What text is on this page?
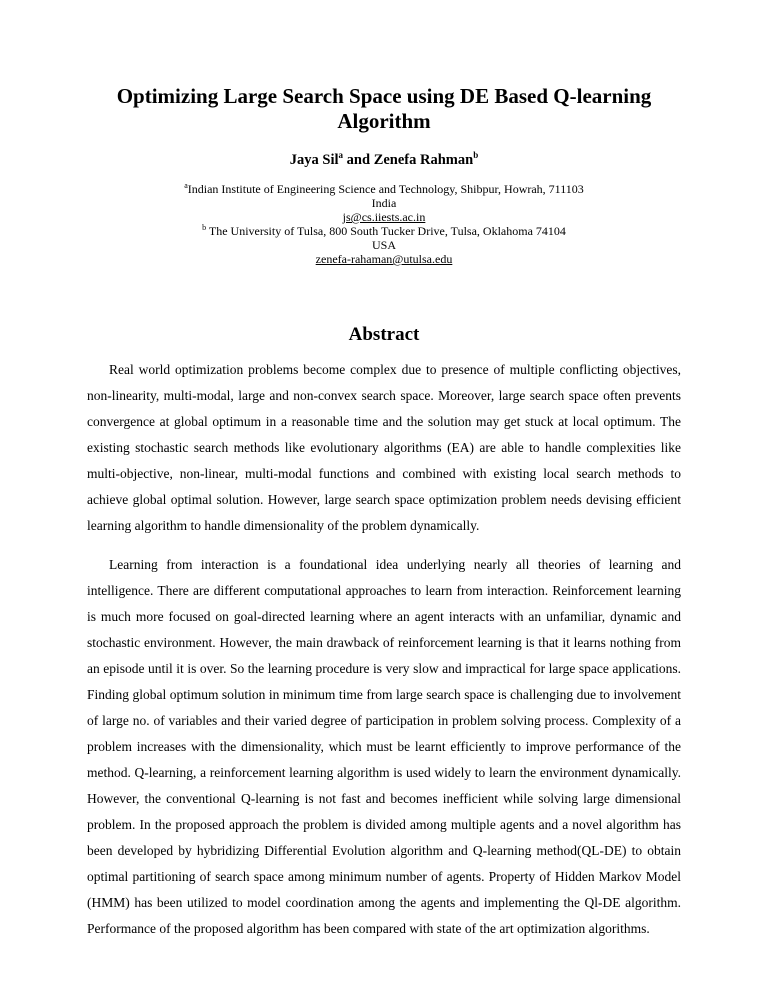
Optimizing Large Search Space using DE Based Q-learning Algorithm
Jaya Sil$^a$ and Zenefa Rahman$^b$
$^a$Indian Institute of Engineering Science and Technology, Shibpur, Howrah, 711103
India
js@cs.iiests.ac.in
$^b$ The University of Tulsa, 800 South Tucker Drive, Tulsa, Oklahoma 74104
USA
zenefa-rahaman@utulsa.edu
Abstract

Real world optimization problems become complex due to presence of multiple conflicting objectives, non-linearity, multi-modal, large and non-convex search space. Moreover, large search space often prevents convergence at global optimum in a reasonable time and the solution may get stuck at local optimum. The existing stochastic search methods like evolutionary algorithms (EA) are able to handle complexities like multi-objective, non-linear, multi-modal functions and combined with existing local search methods to achieve global optimal solution. However, large search space optimization problem needs devising efficient learning algorithm to handle dimensionality of the problem dynamically.

Learning from interaction is a foundational idea underlying nearly all theories of learning and intelligence. There are different computational approaches to learn from interaction. Reinforcement learning is much more focused on goal-directed learning where an agent interacts with an unfamiliar, dynamic and stochastic environment. However, the main drawback of reinforcement learning is that it learns nothing from an episode until it is over. So the learning procedure is very slow and impractical for large space applications. Finding global optimum solution in minimum time from large search space is challenging due to involvement of large no. of variables and their varied degree of participation in problem solving process. Complexity of a problem increases with the dimensionality, which must be learnt efficiently to improve performance of the method. Q-learning, a reinforcement learning algorithm is used widely to learn the environment dynamically. However, the conventional Q-learning is not fast and becomes inefficient while solving large dimensional problem. In the proposed approach the problem is divided among multiple agents and a novel algorithm has been developed by hybridizing Differential Evolution algorithm and Q-learning method(QL-DE) to obtain optimal partitioning of search space among minimum number of agents. Property of Hidden Markov Model (HMM) has been utilized to model coordination among the agents and implementing the Ql-DE algorithm. Performance of the proposed algorithm has been compared with state of the art optimization algorithms.
